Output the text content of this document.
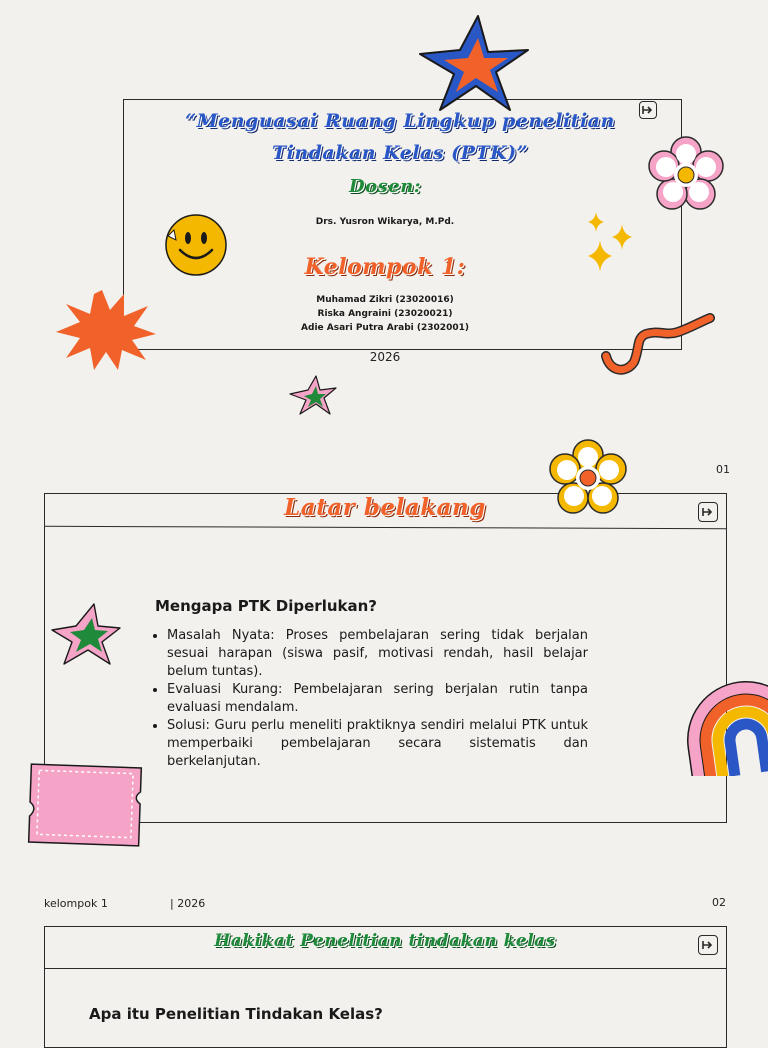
“Menguasai Ruang Lingkup penelitian
Tindakan Kelas (PTK)”
Dosen:
Drs. Yusron Wikarya, M.Pd.
Kelompok 1:
Muhamad Zikri (23020016)
Riska Angraini (23020021)
Adie Asari Putra Arabi (2302001)
2026
01
Latar belakang
Mengapa PTK Diperlukan?
• Masalah Nyata: Proses pembelajaran sering tidak berjalan sesuai harapan (siswa pasif, motivasi rendah, hasil belajar belum tuntas).
• Evaluasi Kurang: Pembelajaran sering berjalan rutin tanpa evaluasi mendalam.
• Solusi: Guru perlu meneliti praktiknya sendiri melalui PTK untuk memperbaiki pembelajaran secara sistematis dan berkelanjutan.
kelompok 1	| 2026	02
Hakikat Penelitian tindakan kelas
Apa itu Penelitian Tindakan Kelas?
